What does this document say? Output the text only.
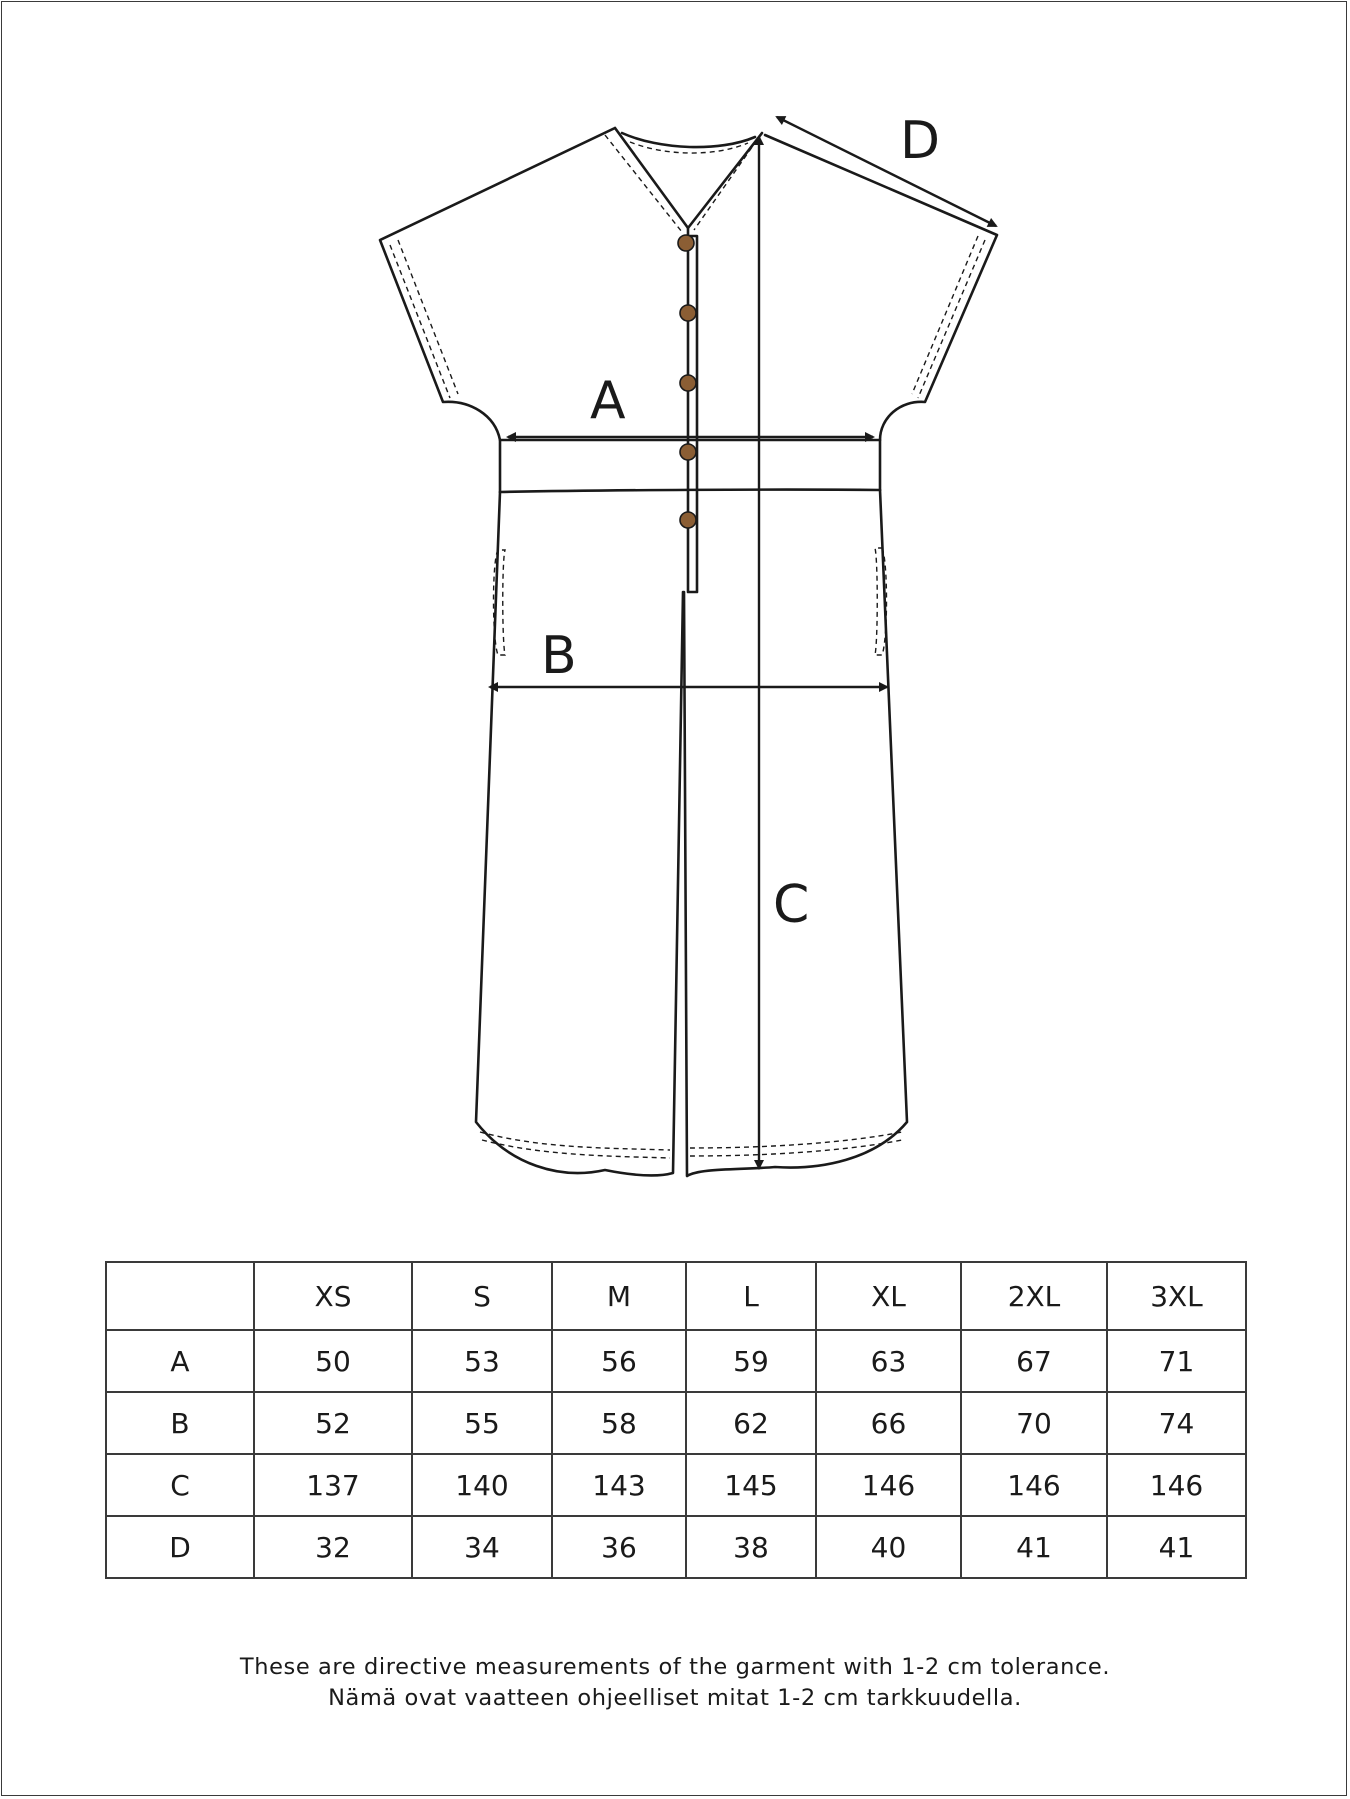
A
B
C
D
	XS	S	M	L	XL	2XL	3XL
A	50	53	56	59	63	67	71
B	52	55	58	62	66	70	74
C	137	140	143	145	146	146	146
D	32	34	36	38	40	41	41
These are directive measurements of the garment with 1-2 cm tolerance.
Nämä ovat vaatteen ohjeelliset mitat 1-2 cm tarkkuudella.
